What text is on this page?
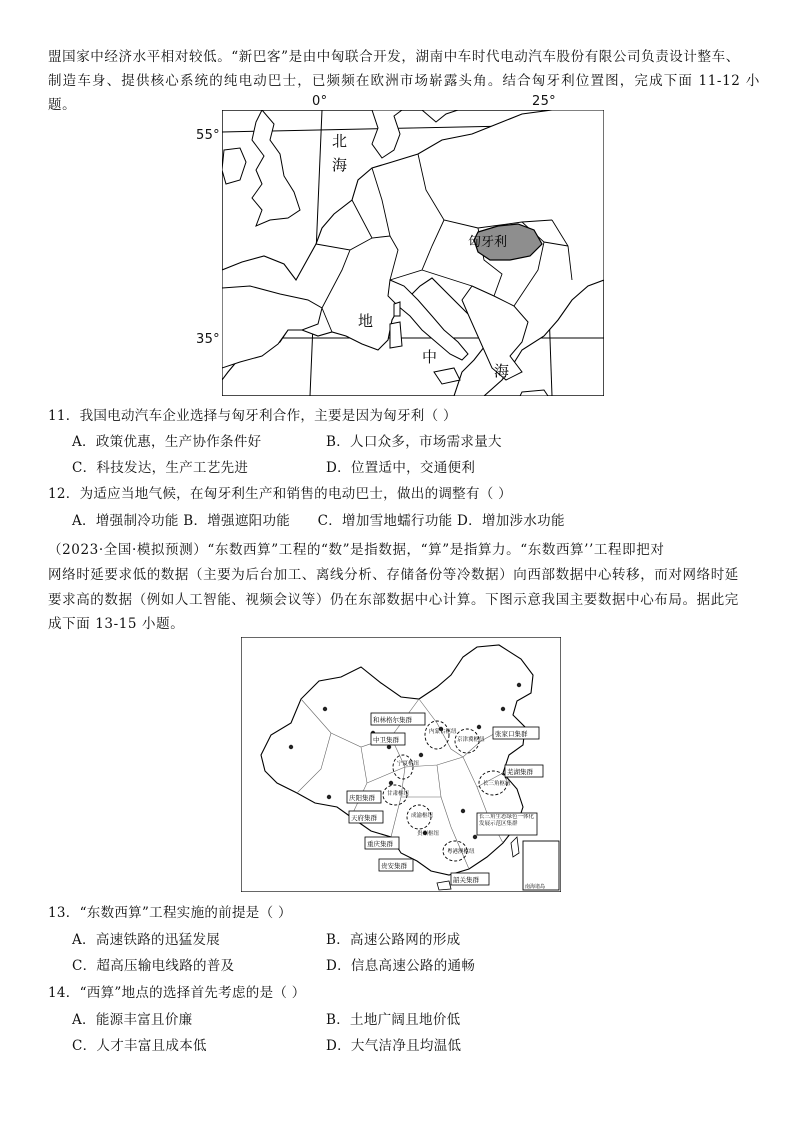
盟国家中经济水平相对较低。“新巴客”是由中匈联合开发，湖南中车时代电动汽车股份有限公司负责设计整车、

制造车身、提供核心系统的纯电动巴士，已频频在欧洲市场崭露头角。结合匈牙利位置图，完成下面 11-12 小题。

匈牙利
北
海
地
中
海
0°	25°
55°
35°
11．我国电动汽车企业选择与匈牙利合作，主要是因为匈牙利（ ）
A．政策优惠，生产协作条件好	B．人口众多，市场需求量大
C．科技发达，生产工艺先进	D．位置适中，交通便利
12．为适应当地气候，在匈牙利生产和销售的电动巴士，做出的调整有（ ）
A．增强制冷功能 B．增强遮阳功能      C．增加雪地蠕行功能 D．增加涉水功能

（2023·全国·模拟预测）“东数西算”工程的“数”是指数据，“算”是指算力。“东数西算’’工程即把对

网络时延要求低的数据（主要为后台加工、离线分析、存储备份等冷数据）向西部数据中心转移，而对网络时延

要求高的数据（例如人工智能、视频会议等）仍在东部数据中心计算。下图示意我国主要数据中心布局。据此完

成下面 13-15 小题。

南海诸岛
和林格尔集群
中卫集群
张家口集群
庆阳集群
芜湖集群
韶关集群
天府集群
重庆集群
贵安集群
长三角生态绿色一体化发展示范区集群
内蒙古枢纽
宁夏枢纽
甘肃枢纽
京津冀枢纽
成渝枢纽
贵州枢纽
长三角枢纽
粤港澳枢纽
13．“东数西算”工程实施的前提是（ ）
A．高速铁路的迅猛发展	B．高速公路网的形成
C．超高压输电线路的普及	D．信息高速公路的通畅
14．“西算”地点的选择首先考虑的是（ ）
A．能源丰富且价廉	B．土地广阔且地价低
C．人才丰富且成本低	D．大气洁净且均温低
